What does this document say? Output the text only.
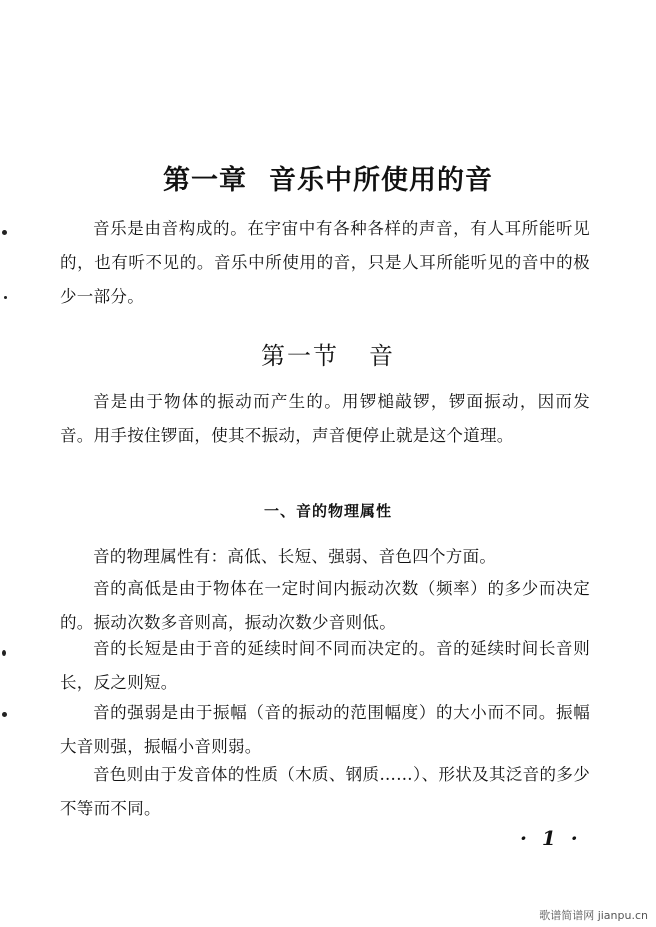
第一章 音乐中所使用的音

音乐是由音构成的。在宇宙中有各种各样的声音，有人耳所能听见的，也有听不见的。音乐中所使用的音，只是人耳所能听见的音中的极少一部分。

第一节 音

音是由于物体的振动而产生的。用锣槌敲锣，锣面振动，因而发音。用手按住锣面，使其不振动，声音便停止就是这个道理。

一、音的物理属性

音的物理属性有：高低、长短、强弱、音色四个方面。

音的高低是由于物体在一定时间内振动次数（频率）的多少而决定的。振动次数多音则高，振动次数少音则低。

音的长短是由于音的延续时间不同而决定的。音的延续时间长音则长，反之则短。

音的强弱是由于振幅（音的振动的范围幅度）的大小而不同。振幅大音则强，振幅小音则弱。

音色则由于发音体的性质（木质、钢质……）、形状及其泛音的多少不等而不同。

· 1 ·
歌谱简谱网 jianpu.cn
